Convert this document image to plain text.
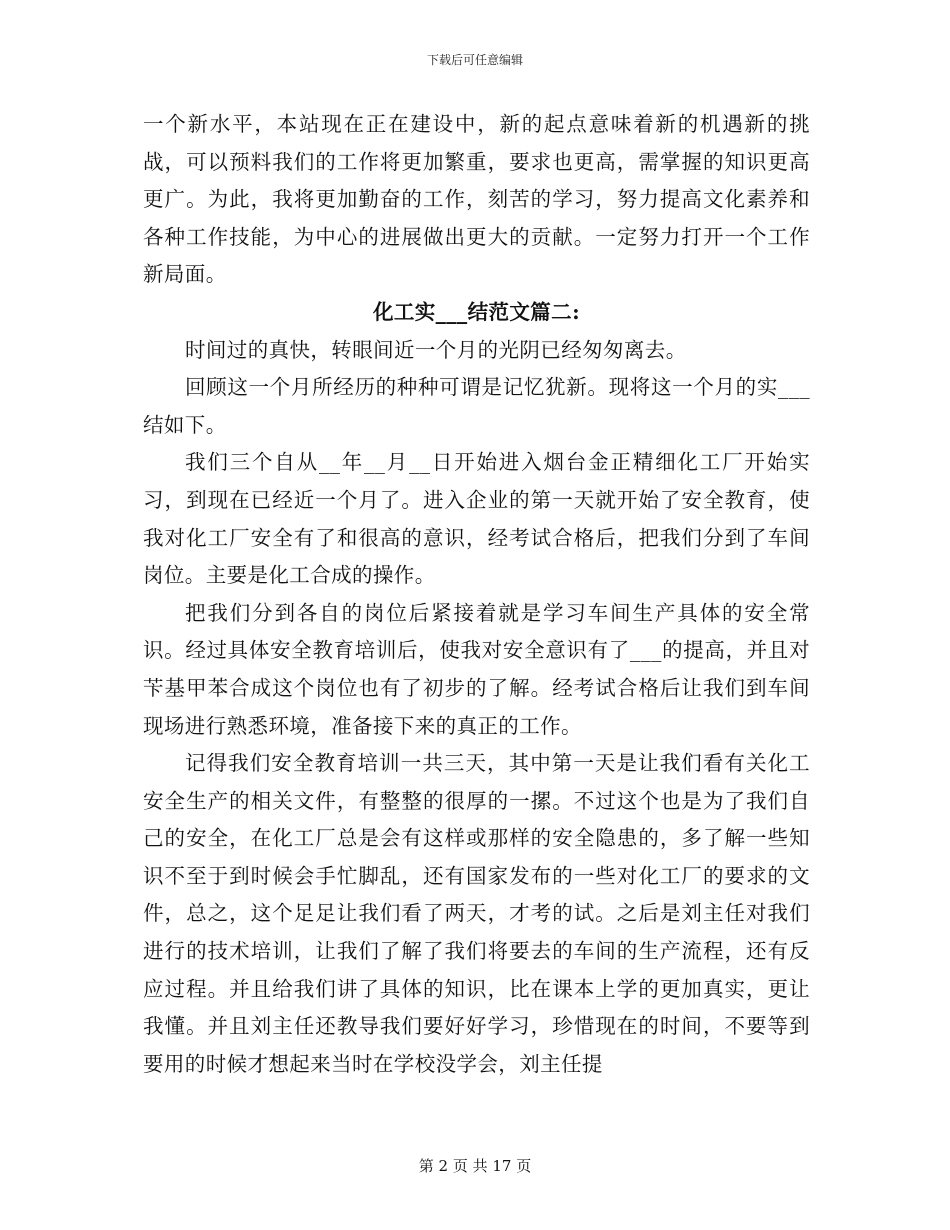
下载后可任意编辑

一个新水平，本站现在正在建设中，新的起点意味着新的机遇新的挑战，可以预料我们的工作将更加繁重，要求也更高，需掌握的知识更高更广。为此，我将更加勤奋的工作，刻苦的学习，努力提高文化素养和各种工作技能，为中心的进展做出更大的贡献。一定努力打开一个工作新局面。

化工实___结范文篇二:

时间过的真快，转眼间近一个月的光阴已经匆匆离去。

回顾这一个月所经历的种种可谓是记忆犹新。现将这一个月的实___结如下。

我们三个自从__年__月__日开始进入烟台金正精细化工厂开始实习，到现在已经近一个月了。进入企业的第一天就开始了安全教育，使我对化工厂安全有了和很高的意识，经考试合格后，把我们分到了车间岗位。主要是化工合成的操作。

把我们分到各自的岗位后紧接着就是学习车间生产具体的安全常识。经过具体安全教育培训后，使我对安全意识有了___的提高，并且对苄基甲苯合成这个岗位也有了初步的了解。经考试合格后让我们到车间现场进行熟悉环境，准备接下来的真正的工作。

记得我们安全教育培训一共三天，其中第一天是让我们看有关化工安全生产的相关文件，有整整的很厚的一摞。不过这个也是为了我们自己的安全，在化工厂总是会有这样或那样的安全隐患的，多了解一些知识不至于到时候会手忙脚乱，还有国家发布的一些对化工厂的要求的文件，总之，这个足足让我们看了两天，才考的试。之后是刘主任对我们进行的技术培训，让我们了解了我们将要去的车间的生产流程，还有反应过程。并且给我们讲了具体的知识，比在课本上学的更加真实，更让我懂。并且刘主任还教导我们要好好学习，珍惜现在的时间，不要等到要用的时候才想起来当时在学校没学会，刘主任提

第 2 页 共 17 页
